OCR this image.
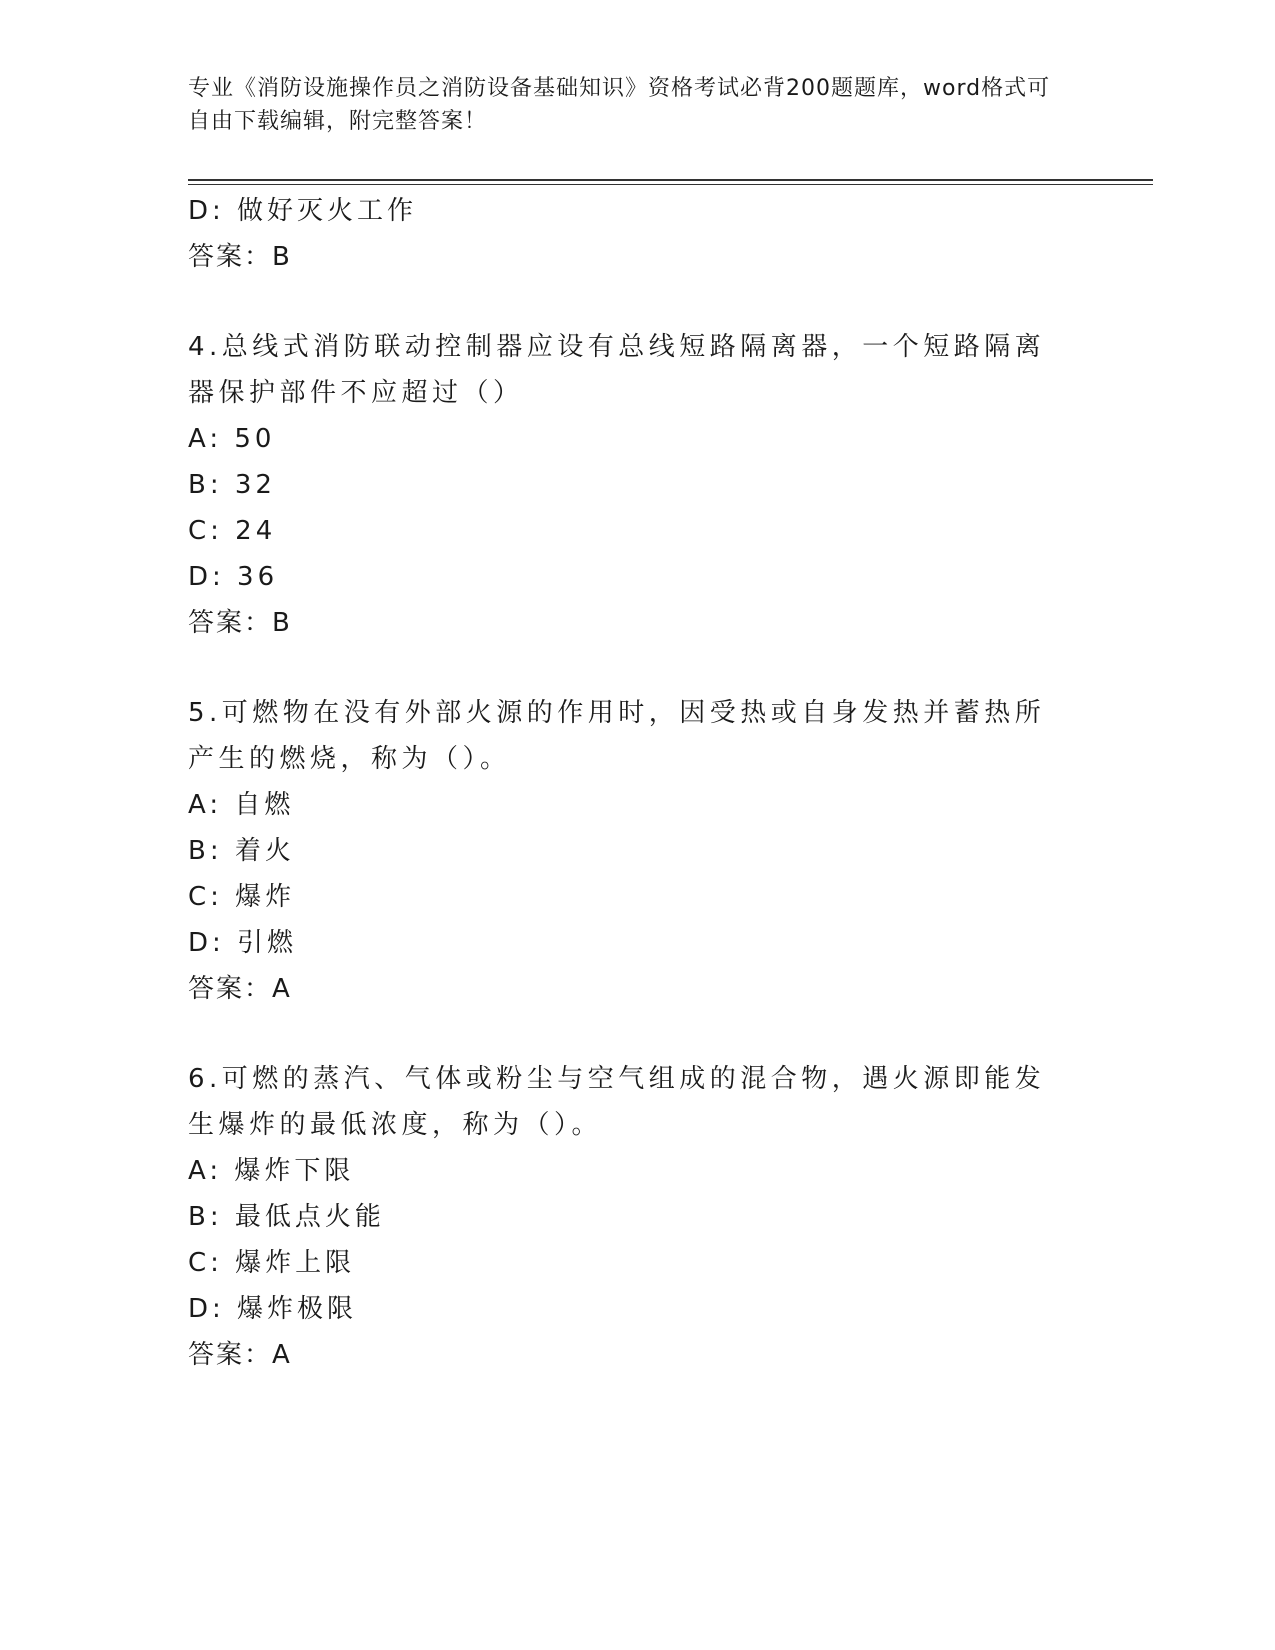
专业《消防设施操作员之消防设备基础知识》资格考试必背200题题库，word格式可自由下载编辑，附完整答案！
D: 做好灭火工作
答案：B
4.总线式消防联动控制器应设有总线短路隔离器，一个短路隔离器保护部件不应超过（）
A: 50
B: 32
C: 24
D: 36
答案：B
5.可燃物在没有外部火源的作用时，因受热或自身发热并蓄热所产生的燃烧，称为（）。
A: 自燃
B: 着火
C: 爆炸
D: 引燃
答案：A
6.可燃的蒸汽、气体或粉尘与空气组成的混合物，遇火源即能发生爆炸的最低浓度，称为（）。
A: 爆炸下限
B: 最低点火能
C: 爆炸上限
D: 爆炸极限
答案：A
